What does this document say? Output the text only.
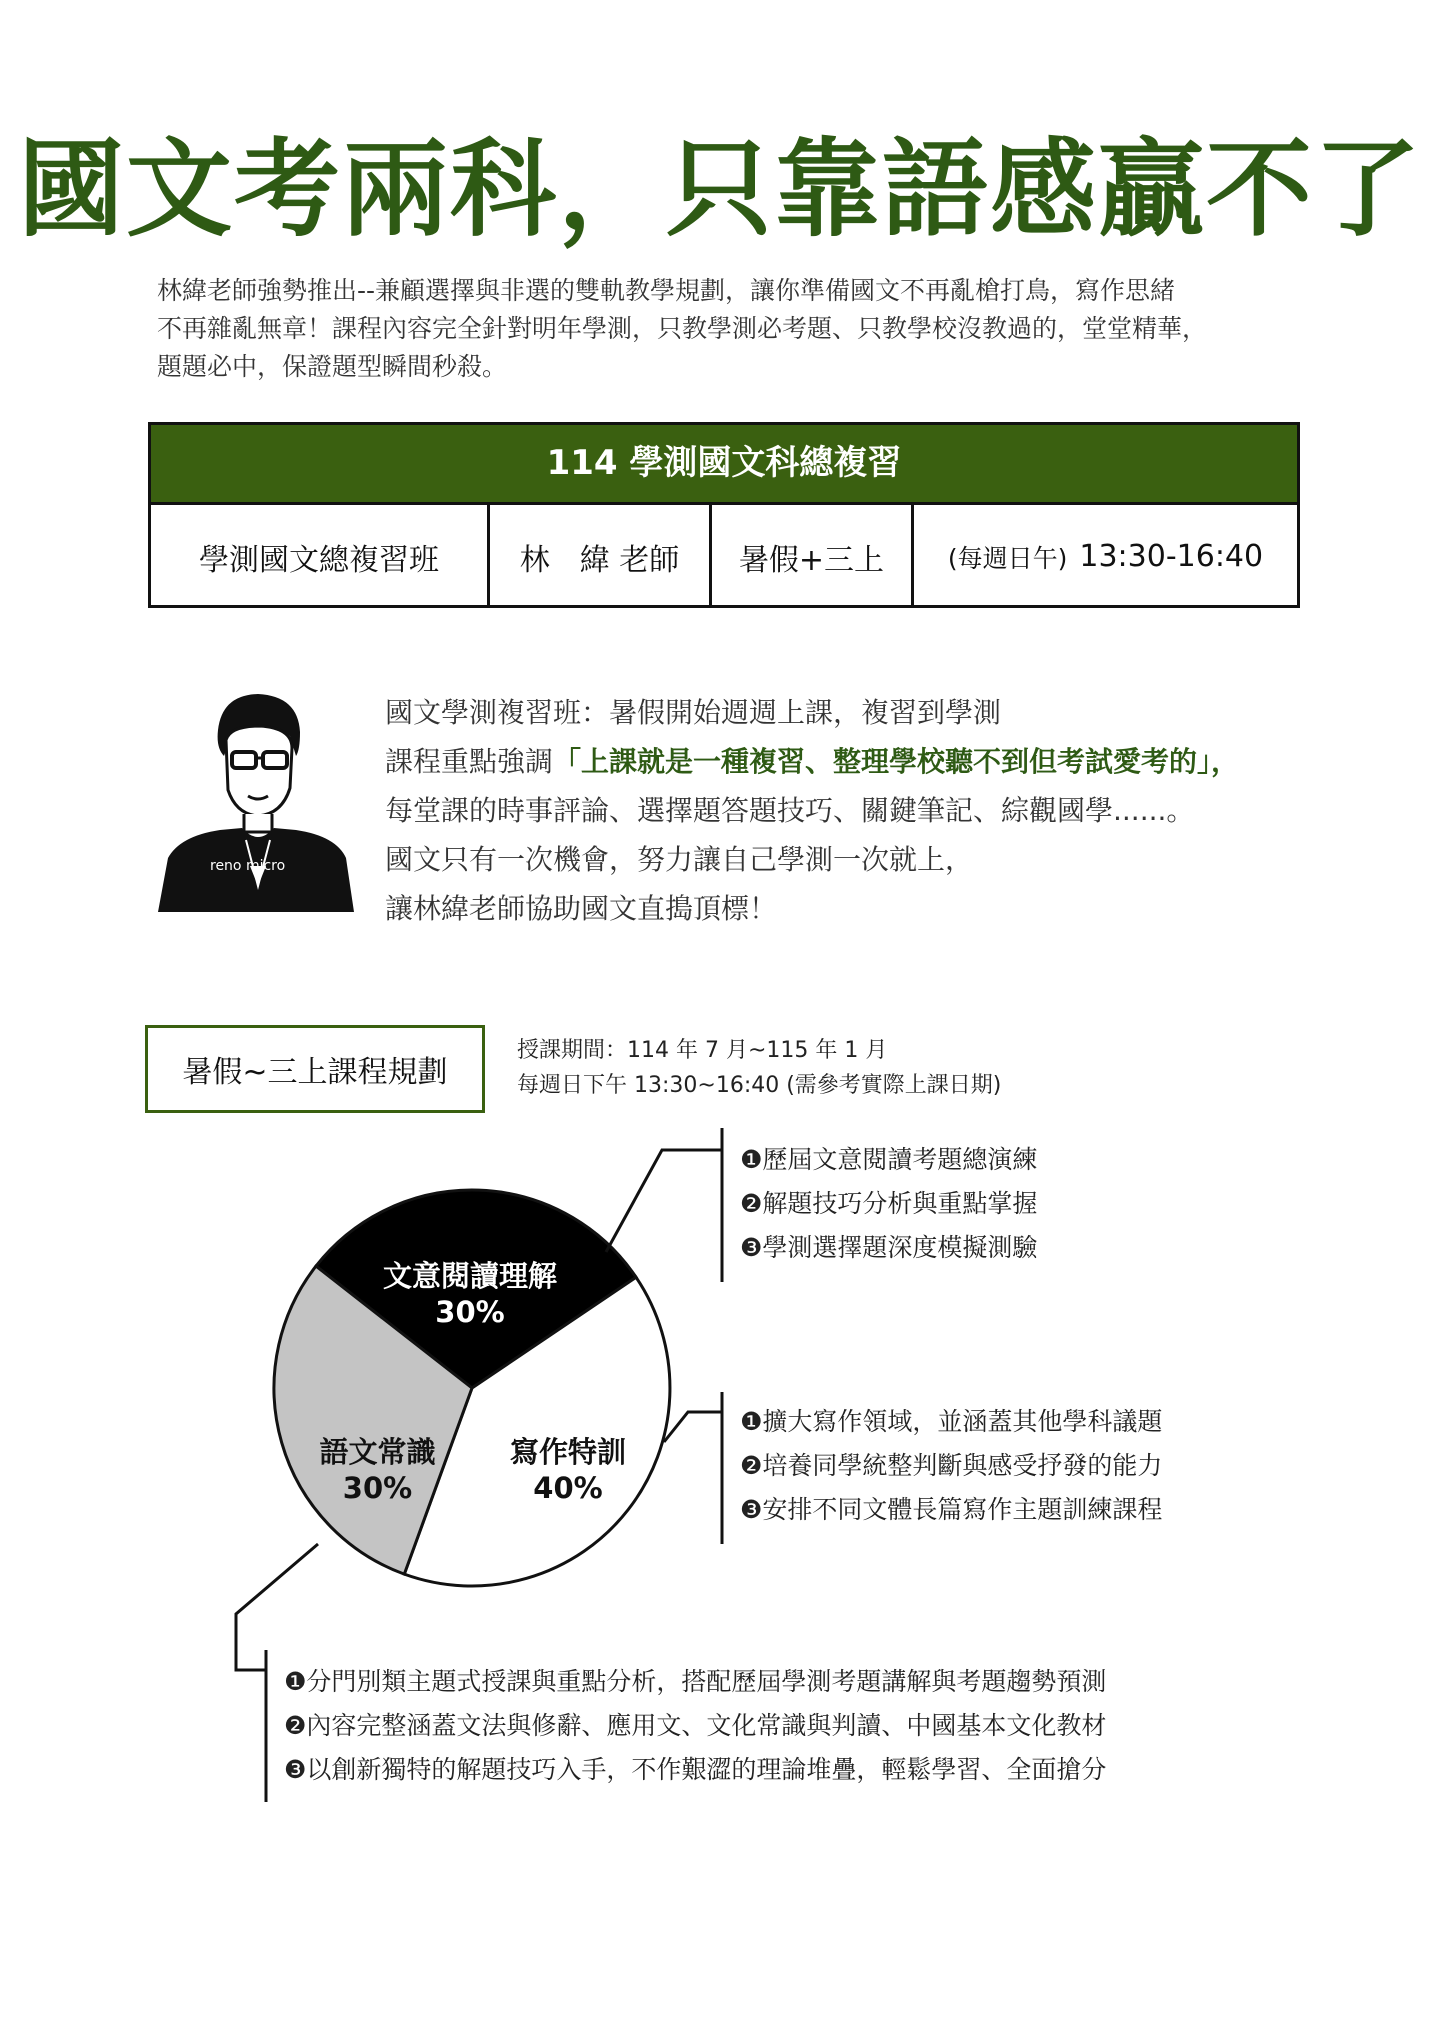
國文考兩科，只靠語感贏不了
林緯老師強勢推出--兼顧選擇與非選的雙軌教學規劃，讓你準備國文不再亂槍打鳥，寫作思緒
不再雜亂無章！課程內容完全針對明年學測，只教學測必考題、只教學校沒教過的，堂堂精華，
題題必中，保證題型瞬間秒殺。
114 學測國文科總複習
學測國文總複習班	林　緯 老師	暑假+三上	(每週日午) 13:30-16:40
reno micro
國文學測複習班：暑假開始週週上課，複習到學測
課程重點強調「上課就是一種複習、整理學校聽不到但考試愛考的」，
每堂課的時事評論、選擇題答題技巧、關鍵筆記、綜觀國學......。
國文只有一次機會，努力讓自己學測一次就上，
讓林緯老師協助國文直搗頂標！
暑假~三上課程規劃
授課期間：114 年 7 月~115 年 1 月
每週日下午 13:30~16:40 (需參考實際上課日期)
文意閱讀理解
30%
寫作特訓
40%
語文常識
30%
❶歷屆文意閱讀考題總演練
❷解題技巧分析與重點掌握
❸學測選擇題深度模擬測驗
❶擴大寫作領域，並涵蓋其他學科議題
❷培養同學統整判斷與感受抒發的能力
❸安排不同文體長篇寫作主題訓練課程
❶分門別類主題式授課與重點分析，搭配歷屆學測考題講解與考題趨勢預測
❷內容完整涵蓋文法與修辭、應用文、文化常識與判讀、中國基本文化教材
❸以創新獨特的解題技巧入手，不作艱澀的理論堆疊，輕鬆學習、全面搶分
